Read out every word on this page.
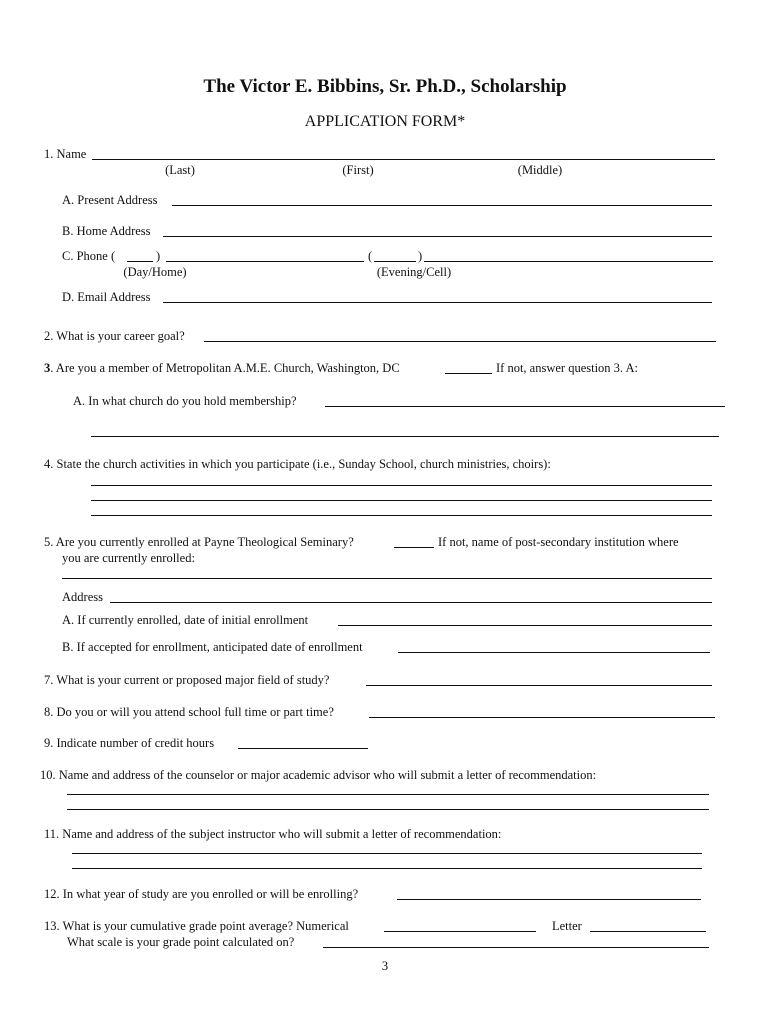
The Victor E. Bibbins, Sr. Ph.D., Scholarship
APPLICATION FORM*
1. Name
(Last)	(First)	(Middle)
A. Present Address
B. Home Address
C. Phone (	)	(	)
(Day/Home)	(Evening/Cell)
D. Email Address
2. What is your career goal?
3. Are you a member of Metropolitan A.M.E. Church, Washington, DC	If not, answer question 3. A:
A. In what church do you hold membership?
4. State the church activities in which you participate (i.e., Sunday School, church ministries, choirs):
5. Are you currently enrolled at Payne Theological Seminary?	If not, name of post-secondary institution where
you are currently enrolled:
Address
A. If currently enrolled, date of initial enrollment
B. If accepted for enrollment, anticipated date of enrollment
7. What is your current or proposed major field of study?
8. Do you or will you attend school full time or part time?
9. Indicate number of credit hours
10. Name and address of the counselor or major academic advisor who will submit a letter of recommendation:
11. Name and address of the subject instructor who will submit a letter of recommendation:
12. In what year of study are you enrolled or will be enrolling?
13. What is your cumulative grade point average? Numerical	Letter
What scale is your grade point calculated on?
3
